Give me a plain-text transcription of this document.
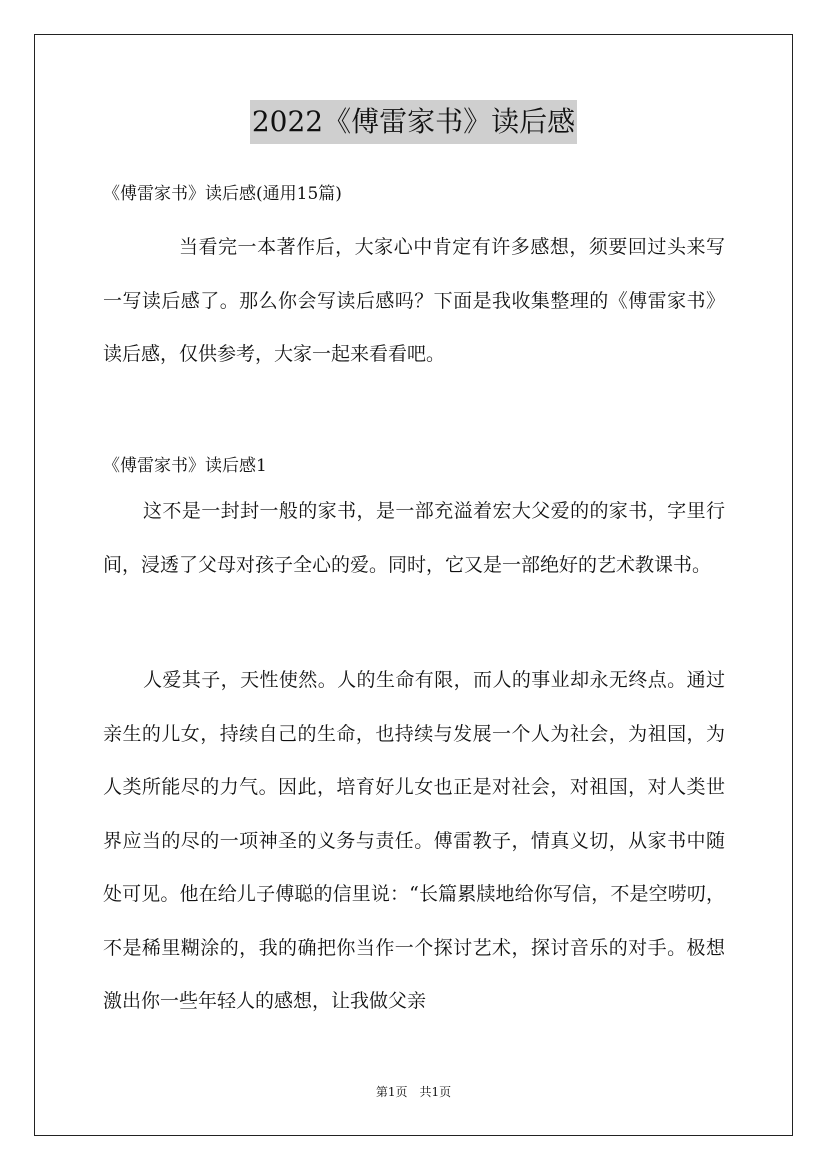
2022《傅雷家书》读后感
《傅雷家书》读后感(通用15篇)
当看完一本著作后，大家心中肯定有许多感想，须要回过头来写一写读后感了。那么你会写读后感吗？下面是我收集整理的《傅雷家书》读后感，仅供参考，大家一起来看看吧。
《傅雷家书》读后感1
这不是一封封一般的家书，是一部充溢着宏大父爱的的家书，字里行间，浸透了父母对孩子全心的爱。同时，它又是一部绝好的艺术教课书。
人爱其子，天性使然。人的生命有限，而人的事业却永无终点。通过亲生的儿女，持续自己的生命，也持续与发展一个人为社会，为祖国，为人类所能尽的力气。因此，培育好儿女也正是对社会，对祖国，对人类世界应当的尽的一项神圣的义务与责任。傅雷教子，情真义切，从家书中随处可见。他在给儿子傅聪的信里说：“长篇累牍地给你写信，不是空唠叨，不是稀里糊涂的，我的确把你当作一个探讨艺术，探讨音乐的对手。极想激出你一些年轻人的感想，让我做父亲
第1页　共1页
